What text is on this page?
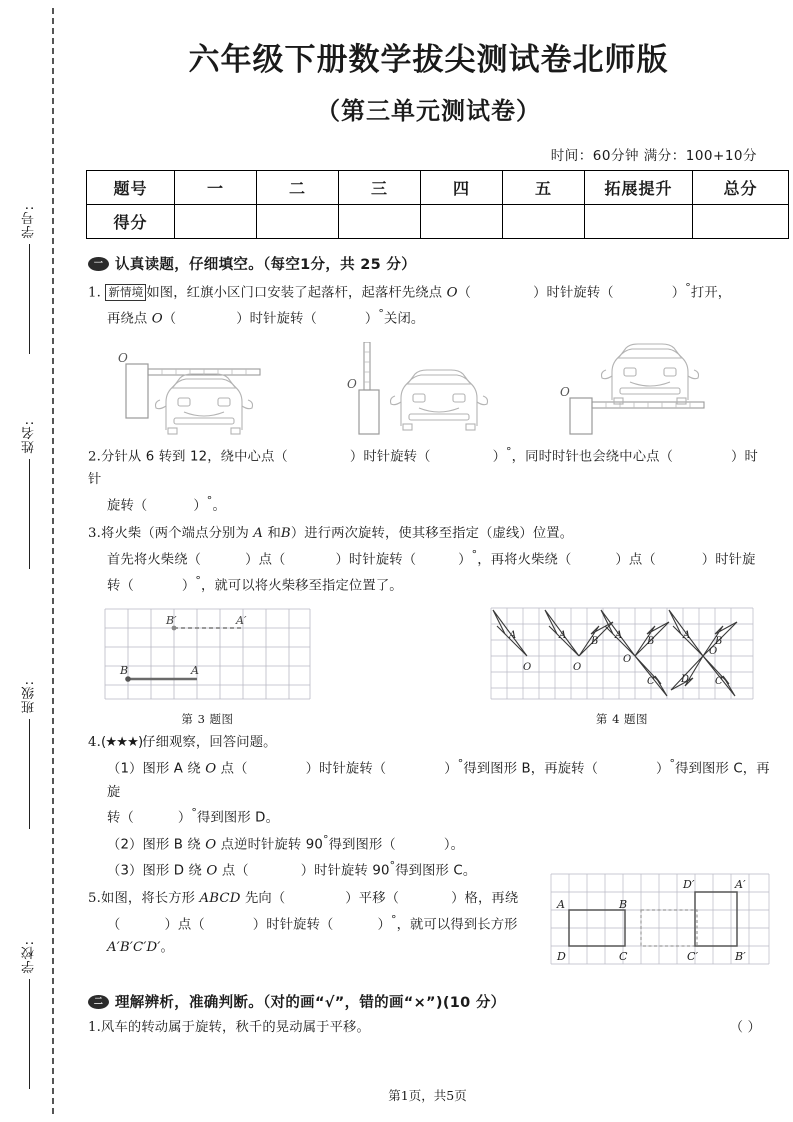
学号:
姓名:
班级:
学校:
六年级下册数学拔尖测试卷北师版
（第三单元测试卷）
时间：60分钟 满分：100+10分
题号	一	二	三	四	五	拓展提升	总分
得分							
一 认真读题，仔细填空。（每空1分，共 25 分）
1. 新情境 如图，红旗小区门口安装了起落杆，起落杆先绕点 O（	）时针旋转（	）°打开，
再绕点 O（	）时针旋转（	）°关闭。
O
O
O
2.分针从 6 转到 12，绕中心点（	）时针旋转（	）°，同时时针也会绕中心点（	）时针
旋转（	）°。
3.将火柴（两个端点分别为 A 和B）进行两次旋转，使其移至指定（虚线）位置。
首先将火柴绕（	）点（	）时针旋转（	）°，再将火柴绕（	）点（	）时针旋
转（	）°，就可以将火柴移至指定位置了。
B′	A′
B	A
第 3 题图
A
O
A
B
O
A
B
C
O
A
B
C
D
O
第 4 题图
4.(★★★)仔细观察，回答问题。
（1）图形 A 绕 O 点（	）时针旋转（	）°得到图形 B，再旋转（	）°得到图形 C，再旋
转（	）°得到图形 D。
（2）图形 B 绕 O 点逆时针旋转 90°得到图形（	）。
（3）图形 D 绕 O 点（	）时针旋转 90°得到图形 C。
5.如图，将长方形 ABCD 先向（	）平移（	）格，再绕
（	）点（	）时针旋转（	）°，就可以得到长方形
A′B′C′D′。
A	B
D	C	C′
D′	A′
B′
二 理解辨析，准确判断。（对的画“√”，错的画“×”)(10 分）
（ ）
1.风车的转动属于旋转，秋千的晃动属于平移。
第1页，共5页
